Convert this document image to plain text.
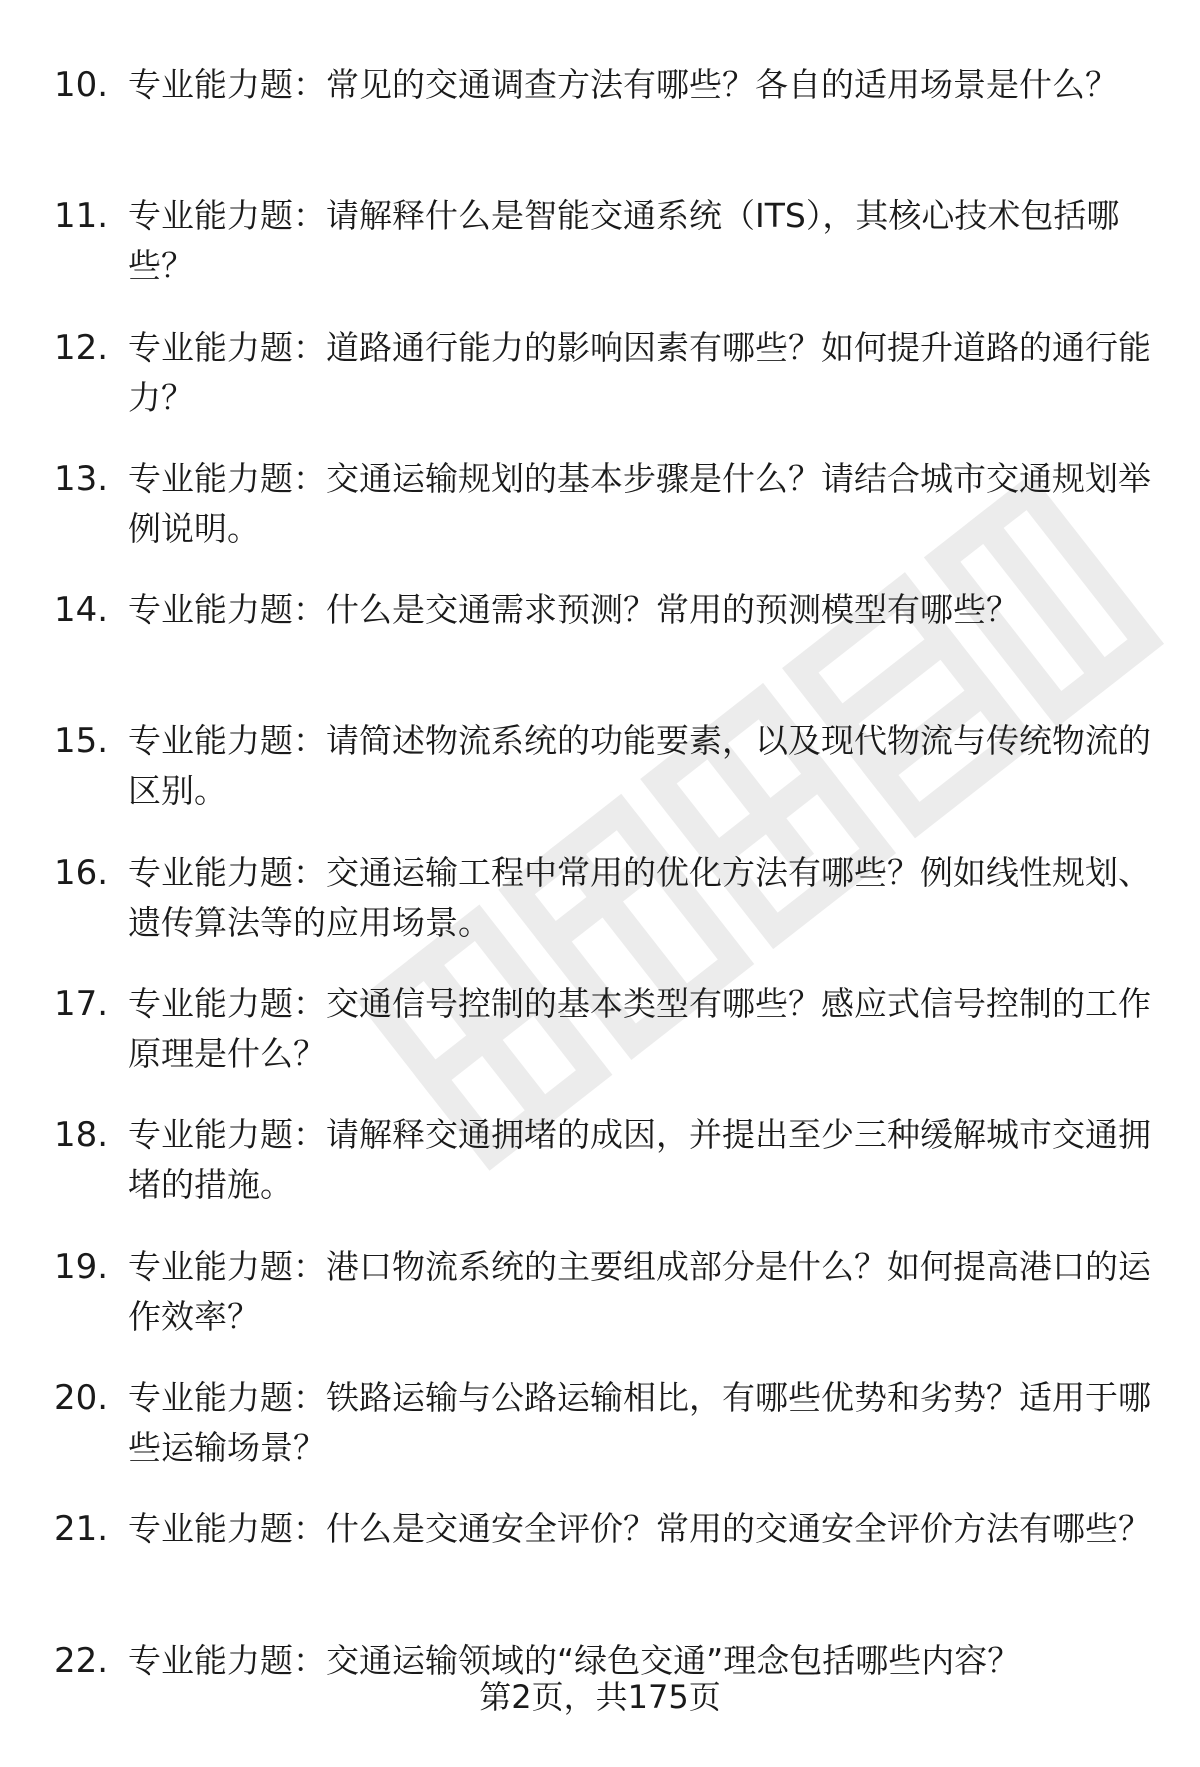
10. 专业能力题：常见的交通调查方法有哪些？各自的适用场景是什么？
11. 专业能力题：请解释什么是智能交通系统（ITS），其核心技术包括哪些？
12. 专业能力题：道路通行能力的影响因素有哪些？如何提升道路的通行能力？
13. 专业能力题：交通运输规划的基本步骤是什么？请结合城市交通规划举例说明。
14. 专业能力题：什么是交通需求预测？常用的预测模型有哪些？
15. 专业能力题：请简述物流系统的功能要素，以及现代物流与传统物流的区别。
16. 专业能力题：交通运输工程中常用的优化方法有哪些？例如线性规划、遗传算法等的应用场景。
17. 专业能力题：交通信号控制的基本类型有哪些？感应式信号控制的工作原理是什么？
18. 专业能力题：请解释交通拥堵的成因，并提出至少三种缓解城市交通拥堵的措施。
19. 专业能力题：港口物流系统的主要组成部分是什么？如何提高港口的运作效率？
20. 专业能力题：铁路运输与公路运输相比，有哪些优势和劣势？适用于哪些运输场景？
21. 专业能力题：什么是交通安全评价？常用的交通安全评价方法有哪些？
22. 专业能力题：交通运输领域的“绿色交通”理念包括哪些内容？
第2页，共175页
